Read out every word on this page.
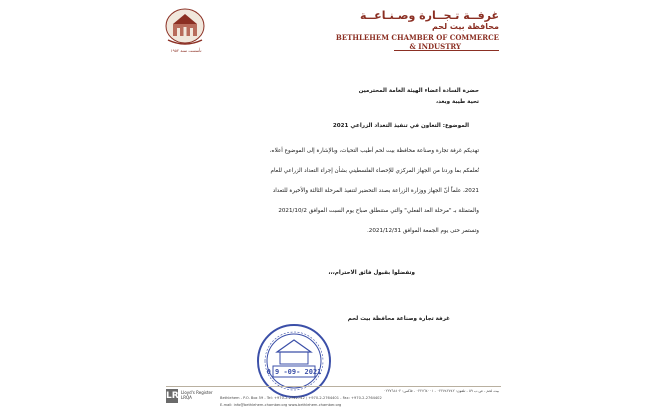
تأسست سنة ١٩٥٢
غرفــة تـجــارة وصـنـاعــة
محافظة بيت لحم
BETHLEHEM CHAMBER OF COMMERCE
& INDUSTRY
حضرة السادة أعضاء الهيئة العامة المحترمين
تحية طيبة وبعد،
الموضوع: التعاون في تنفيذ التعداد الزراعي 2021
تهديكم غرفة تجارة وصناعة محافظة بيت لحم أطيب التحيات، وبالإشارة إلى الموضوع أعلاه،
نُعلمكم بما وردنا من الجهاز المركزي للإحصاء الفلسطيني بشأن إجراء التعداد الزراعي للعام
2021، علماً أنّ الجهاز ووزارة الزراعة بصدد التحضير لتنفيذ المرحلة الثالثة والأخيرة للتعداد
والمتمثلة بـ "مرحلة العد الفعلي" والتي ستنطلق صباح يوم السبت الموافق 2021/10/2
وتستمر حتى يوم الجمعة الموافق 2021/12/31.
وتفضلوا بقبول فائق الاحترام،،،
غرفة تجارة وصناعة محافظة بيت لحم
0 9 -09- 2021
LR Lloyd's Register
LRQA
بيت لحم - ص.ب ٥٩ - تلفون: ٠٢٢٧٤٢٧٤٢ - ٠٢٢٧٦٤٠٠١ - فاكس: ٠٢٢٧٦٤٤٠٢
Bethlehem - P.O. Box 59 - Tel: +970-2-2742742 / +970-2-2764401 - Fax: +970-2-2764402
E-mail: info@bethlehem-chamber.org www.bethlehem-chamber.org
